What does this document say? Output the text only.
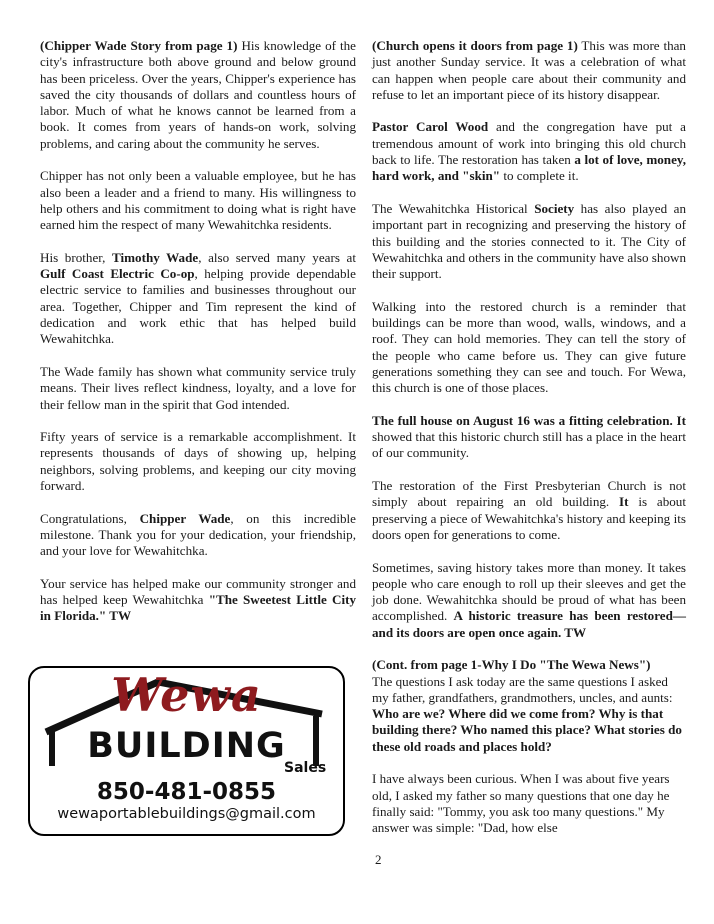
(Chipper Wade Story from page 1) His knowledge of the city's infrastructure both above ground and below ground has been priceless. Over the years, Chipper's experience has saved the city thousands of dollars and countless hours of labor. Much of what he knows cannot be learned from a book. It comes from years of hands-on work, solving problems, and caring about the community he serves.

Chipper has not only been a valuable employee, but he has also been a leader and a friend to many. His willingness to help others and his commitment to doing what is right have earned him the respect of many Wewahitchka residents.

His brother, Timothy Wade, also served many years at Gulf Coast Electric Co-op, helping provide dependable electric service to families and businesses throughout our area. Together, Chipper and Tim represent the kind of dedication and work ethic that has helped build Wewahitchka.

The Wade family has shown what community service truly means. Their lives reflect kindness, loyalty, and a love for their fellow man in the spirit that God intended.

Fifty years of service is a remarkable accomplishment. It represents thousands of days of showing up, helping neighbors, solving problems, and keeping our city moving forward.

Congratulations, Chipper Wade, on this incredible milestone. Thank you for your dedication, your friendship, and your love for Wewahitchka.

Your service has helped make our community stronger and has helped keep Wewahitchka "The Sweetest Little City in Florida." TW

Wewa
BUILDING
Sales
850-481-0855
wewaportablebuildings@gmail.com

(Church opens it doors from page 1) This was more than just another Sunday service. It was a celebration of what can happen when people care about their community and refuse to let an important piece of its history disappear.

Pastor Carol Wood and the congregation have put a tremendous amount of work into bringing this old church back to life. The restoration has taken a lot of love, money, hard work, and "skin" to complete it.

The Wewahitchka Historical Society has also played an important part in recognizing and preserving the history of this building and the stories connected to it. The City of Wewahitchka and others in the community have also shown their support.

Walking into the restored church is a reminder that buildings can be more than wood, walls, windows, and a roof. They can hold memories. They can tell the story of the people who came before us. They can give future generations something they can see and touch. For Wewa, this church is one of those places.

The full house on August 16 was a fitting celebration. It showed that this historic church still has a place in the heart of our community.

The restoration of the First Presbyterian Church is not simply about repairing an old building. It is about preserving a piece of Wewahitchka's history and keeping its doors open for generations to come.

Sometimes, saving history takes more than money. It takes people who care enough to roll up their sleeves and get the job done. Wewahitchka should be proud of what has been accomplished. A historic treasure has been restored—and its doors are open once again. TW

(Cont. from page 1-Why I Do "The Wewa News")
The questions I ask today are the same questions I asked my father, grandfathers, grandmothers, uncles, and aunts: Who are we? Where did we come from? Why is that building there? Who named this place? What stories do these old roads and places hold?

I have always been curious. When I was about five years old, I asked my father so many questions that one day he finally said: "Tommy, you ask too many questions." My answer was simple: "Dad, how else

2
